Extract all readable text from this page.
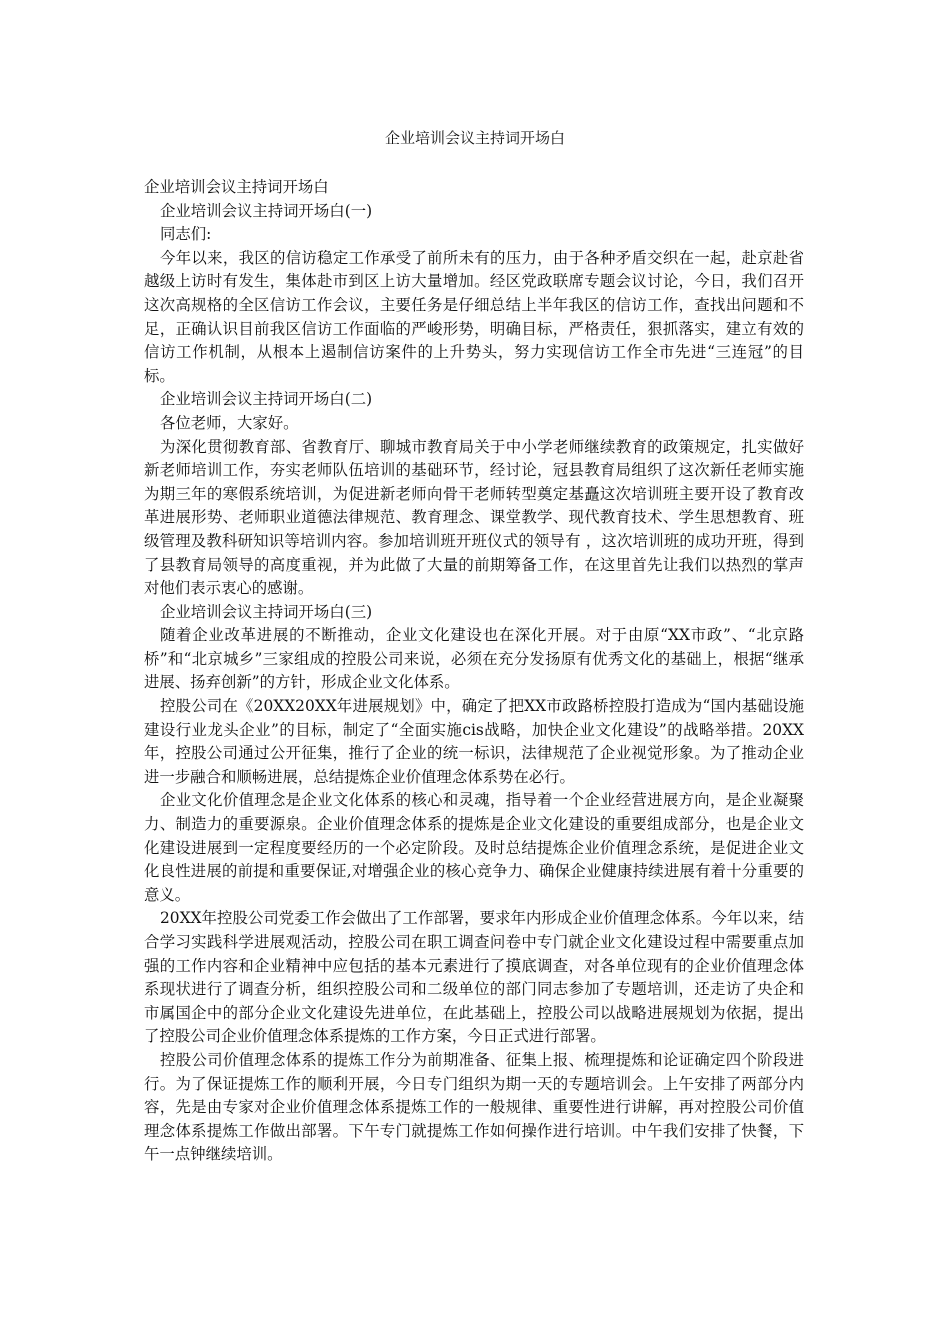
企业培训会议主持词开场白

企业培训会议主持词开场白

企业培训会议主持词开场白(一)

同志们:

今年以来，我区的信访稳定工作承受了前所未有的压力，由于各种矛盾交织在一起，赴京赴省越级上访时有发生，集体赴市到区上访大量增加。经区党政联席专题会议讨论，今日，我们召开这次高规格的全区信访工作会议，主要任务是仔细总结上半年我区的信访工作，查找出问题和不足，正确认识目前我区信访工作面临的严峻形势，明确目标，严格责任，狠抓落实，建立有效的信访工作机制，从根本上遏制信访案件的上升势头，努力实现信访工作全市先进“三连冠”的目标。

企业培训会议主持词开场白(二)

各位老师，大家好。

为深化贯彻教育部、省教育厅、聊城市教育局关于中小学老师继续教育的政策规定，扎实做好新老师培训工作，夯实老师队伍培训的基础环节，经讨论，冠县教育局组织了这次新任老师实施为期三年的寒假系统培训，为促进新老师向骨干老师转型奠定基矗这次培训班主要开设了教育改革进展形势、老师职业道德法律规范、教育理念、课堂教学、现代教育技术、学生思想教育、班级管理及教科研知识等培训内容。参加培训班开班仪式的领导有 ，这次培训班的成功开班，得到了县教育局领导的高度重视，并为此做了大量的前期筹备工作，在这里首先让我们以热烈的掌声对他们表示衷心的感谢。

企业培训会议主持词开场白(三)

随着企业改革进展的不断推动，企业文化建设也在深化开展。对于由原“XX市政”、“北京路桥”和“北京城乡”三家组成的控股公司来说，必须在充分发扬原有优秀文化的基础上，根据“继承进展、扬弃创新”的方针，形成企业文化体系。

控股公司在《20XX20XX年进展规划》中，确定了把XX市政路桥控股打造成为“国内基础设施建设行业龙头企业”的目标，制定了“全面实施cis战略，加快企业文化建设”的战略举措。20XX年，控股公司通过公开征集，推行了企业的统一标识，法律规范了企业视觉形象。为了推动企业进一步融合和顺畅进展，总结提炼企业价值理念体系势在必行。

企业文化价值理念是企业文化体系的核心和灵魂，指导着一个企业经营进展方向，是企业凝聚力、制造力的重要源泉。企业价值理念体系的提炼是企业文化建设的重要组成部分，也是企业文化建设进展到一定程度要经历的一个必定阶段。及时总结提炼企业价值理念系统，是促进企业文化良性进展的前提和重要保证,对增强企业的核心竞争力、确保企业健康持续进展有着十分重要的意义。

20XX年控股公司党委工作会做出了工作部署，要求年内形成企业价值理念体系。今年以来，结合学习实践科学进展观活动，控股公司在职工调查问卷中专门就企业文化建设过程中需要重点加强的工作内容和企业精神中应包括的基本元素进行了摸底调查，对各单位现有的企业价值理念体系现状进行了调查分析，组织控股公司和二级单位的部门同志参加了专题培训，还走访了央企和市属国企中的部分企业文化建设先进单位，在此基础上，控股公司以战略进展规划为依据，提出了控股公司企业价值理念体系提炼的工作方案，今日正式进行部署。

控股公司价值理念体系的提炼工作分为前期准备、征集上报、梳理提炼和论证确定四个阶段进行。为了保证提炼工作的顺利开展，今日专门组织为期一天的专题培训会。上午安排了两部分内容，先是由专家对企业价值理念体系提炼工作的一般规律、重要性进行讲解，再对控股公司价值理念体系提炼工作做出部署。下午专门就提炼工作如何操作进行培训。中午我们安排了快餐，下午一点钟继续培训。
